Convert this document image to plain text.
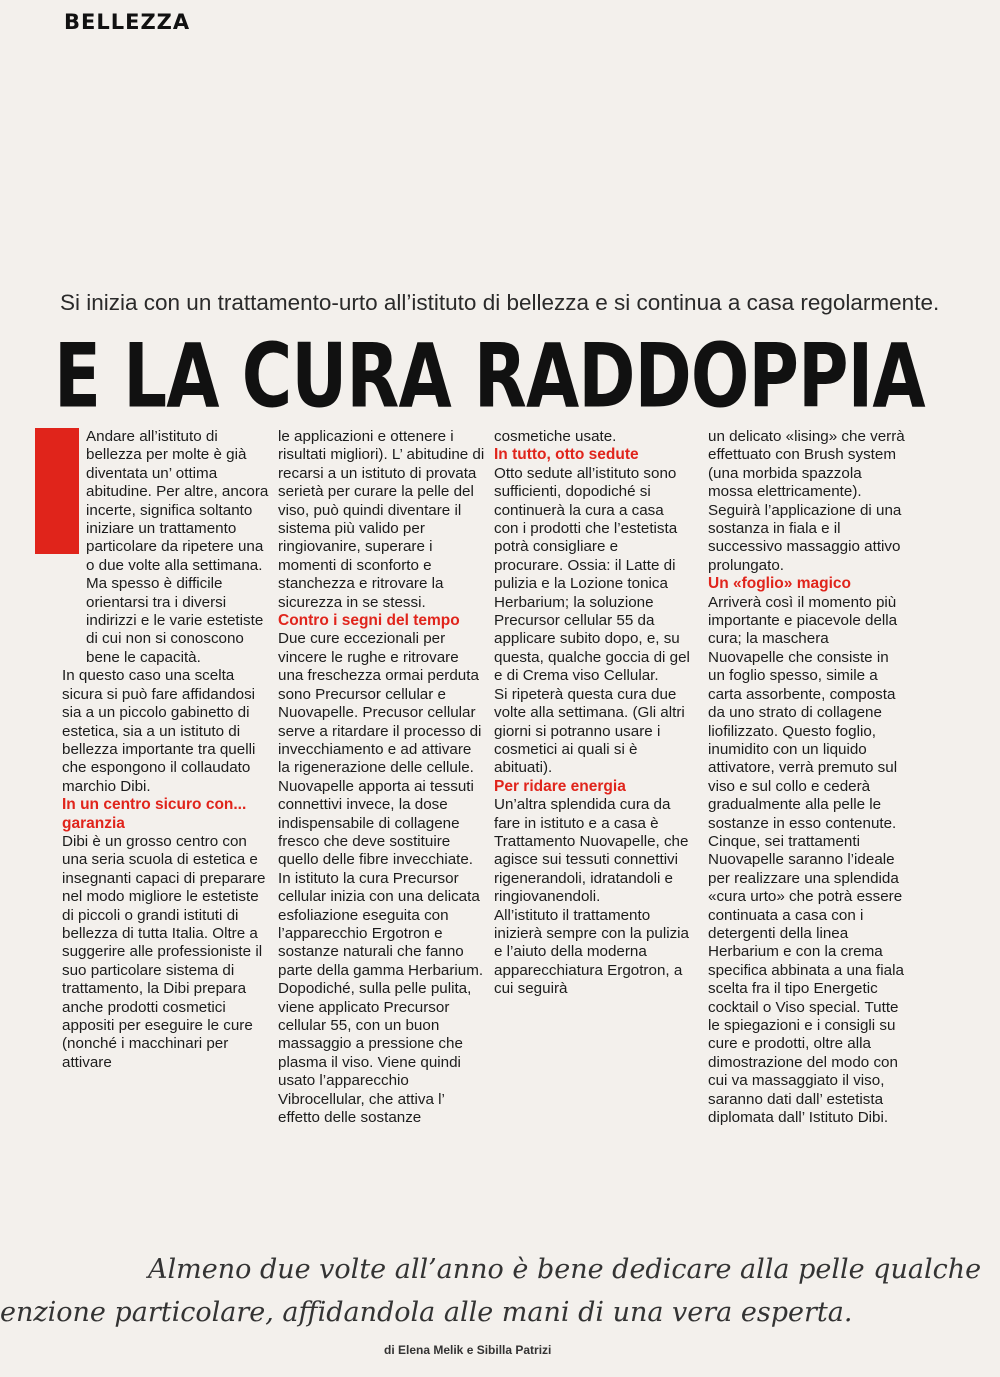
BELLEZZA
Si inizia con un trattamento-urto all’istituto di bellezza e si continua a casa regolarmente.
E LA CURA RADDOPPIA

Andare all’istituto di bellezza per molte è già diventata un’ ottima abitudine. Per altre, ancora incerte, significa soltanto iniziare un trattamento particolare da ripetere una o due volte alla settimana. Ma spesso è difficile orientarsi tra i diversi indirizzi e le varie estetiste di cui non si conoscono bene le capacità.

In questo caso una scelta sicura si può fare affidandosi sia a un piccolo gabinetto di estetica, sia a un istituto di bellezza importante tra quelli che espongono il collaudato marchio Dibi.

In un centro sicuro con... garanzia

Dibi è un grosso centro con una seria scuola di estetica e insegnanti capaci di preparare nel modo migliore le estetiste di piccoli o grandi istituti di bellezza di tutta Italia. Oltre a suggerire alle professioniste il suo particolare sistema di trattamento, la Dibi prepara anche prodotti cosmetici appositi per eseguire le cure (nonché i macchinari per attivare

le applicazioni e ottenere i risultati migliori). L’ abitudine di recarsi a un istituto di provata serietà per curare la pelle del viso, può quindi diventare il sistema più valido per ringiovanire, superare i momenti di sconforto e stanchezza e ritrovare la sicurezza in se stessi.

Contro i segni del tempo

Due cure eccezionali per vincere le rughe e ritrovare una freschezza ormai perduta sono Precursor cellular e Nuovapelle. Precusor cellular serve a ritardare il processo di invecchiamento e ad attivare la rigenerazione delle cellule. Nuovapelle apporta ai tessuti connettivi invece, la dose indispensabile di collagene fresco che deve sostituire quello delle fibre invecchiate. In istituto la cura Precursor cellular inizia con una delicata esfoliazione eseguita con l’apparecchio Ergotron e sostanze naturali che fanno parte della gamma Herbarium. Dopodiché, sulla pelle pulita, viene applicato Precursor cellular 55, con un buon massaggio a pressione che plasma il viso. Viene quindi usato l’apparecchio Vibrocellular, che attiva l’ effetto delle sostanze

cosmetiche usate.

In tutto, otto sedute

Otto sedute all’istituto sono sufficienti, dopodiché si continuerà la cura a casa con i prodotti che l’estetista potrà consigliare e procurare. Ossia: il Latte di pulizia e la Lozione tonica Herbarium; la soluzione Precursor cellular 55 da applicare subito dopo, e, su questa, qualche goccia di gel e di Crema viso Cellular.

Si ripeterà questa cura due volte alla settimana. (Gli altri giorni si potranno usare i cosmetici ai quali si è abituati).

Per ridare energia

Un’altra splendida cura da fare in istituto e a casa è Trattamento Nuovapelle, che agisce sui tessuti connettivi rigenerandoli, idratandoli e ringiovanendoli.

All’istituto il trattamento inizierà sempre con la pulizia e l’aiuto della moderna apparecchiatura Ergotron, a cui seguirà

un delicato «lising» che verrà effettuato con Brush system (una morbida spazzola mossa elettricamente). Seguirà l’applicazione di una sostanza in fiala e il successivo massaggio attivo prolungato.

Un «foglio» magico

Arriverà così il momento più importante e piacevole della cura; la maschera Nuovapelle che consiste in un foglio spesso, simile a carta assorbente, composta da uno strato di collagene liofilizzato. Questo foglio, inumidito con un liquido attivatore, verrà premuto sul viso e sul collo e cederà gradualmente alla pelle le sostanze in esso contenute. Cinque, sei trattamenti Nuovapelle saranno l’ideale per realizzare una splendida «cura urto» che potrà essere continuata a casa con i detergenti della linea Herbarium e con la crema specifica abbinata a una fiala scelta fra il tipo Energetic cocktail o Viso special. Tutte le spiegazioni e i consigli su cure e prodotti, oltre alla dimostrazione del modo con cui va massaggiato il viso, saranno dati dall’ estetista diplomata dall’ Istituto Dibi.

Almeno due volte all’anno è bene dedicare alla pelle qualche
enzione particolare, affidandola alle mani di una vera esperta.
di Elena Melik e Sibilla Patrizi
